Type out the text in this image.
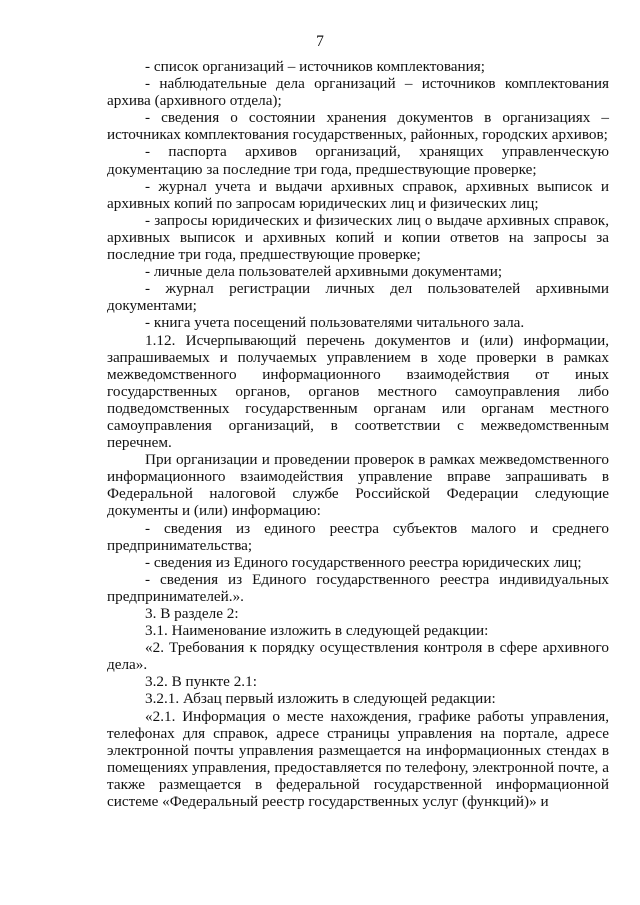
7

- список организаций – источников комплектования;

- наблюдательные дела организаций – источников комплектования архива (архивного отдела);

- сведения о состоянии хранения документов в организациях – источниках комплектования государственных, районных, городских архивов;

- паспорта архивов организаций, хранящих управленческую документацию за последние три года, предшествующие проверке;

- журнал учета и выдачи архивных справок, архивных выписок и архивных копий по запросам юридических лиц и физических лиц;

- запросы юридических и физических лиц о выдаче архивных справок, архивных выписок и архивных копий и копии ответов на запросы за последние три года, предшествующие проверке;

- личные дела пользователей архивными документами;

- журнал регистрации личных дел пользователей архивными документами;

- книга учета посещений пользователями читального зала.

1.12. Исчерпывающий перечень документов и (или) информации, запрашиваемых и получаемых управлением в ходе проверки в рамках межведомственного информационного взаимодействия от иных государственных органов, органов местного самоуправления либо подведомственных государственным органам или органам местного самоуправления организаций, в соответствии с межведомственным перечнем.

При организации и проведении проверок в рамках межведомственного информационного взаимодействия управление вправе запрашивать в Федеральной налоговой службе Российской Федерации следующие документы и (или) информацию:

- сведения из единого реестра субъектов малого и среднего предпринимательства;

- сведения из Единого государственного реестра юридических лиц;

- сведения из Единого государственного реестра индивидуальных предпринимателей.».

3. В разделе 2:

3.1. Наименование изложить в следующей редакции:

«2. Требования к порядку осуществления контроля в сфере архивного дела».

3.2. В пункте 2.1:

3.2.1. Абзац первый изложить в следующей редакции:

«2.1. Информация о месте нахождения, графике работы управления, телефонах для справок, адресе страницы управления на портале, адресе электронной почты управления размещается на информационных стендах в помещениях управления, предоставляется по телефону, электронной почте, а также размещается в федеральной государственной информационной системе «Федеральный реестр государственных услуг (функций)» и
